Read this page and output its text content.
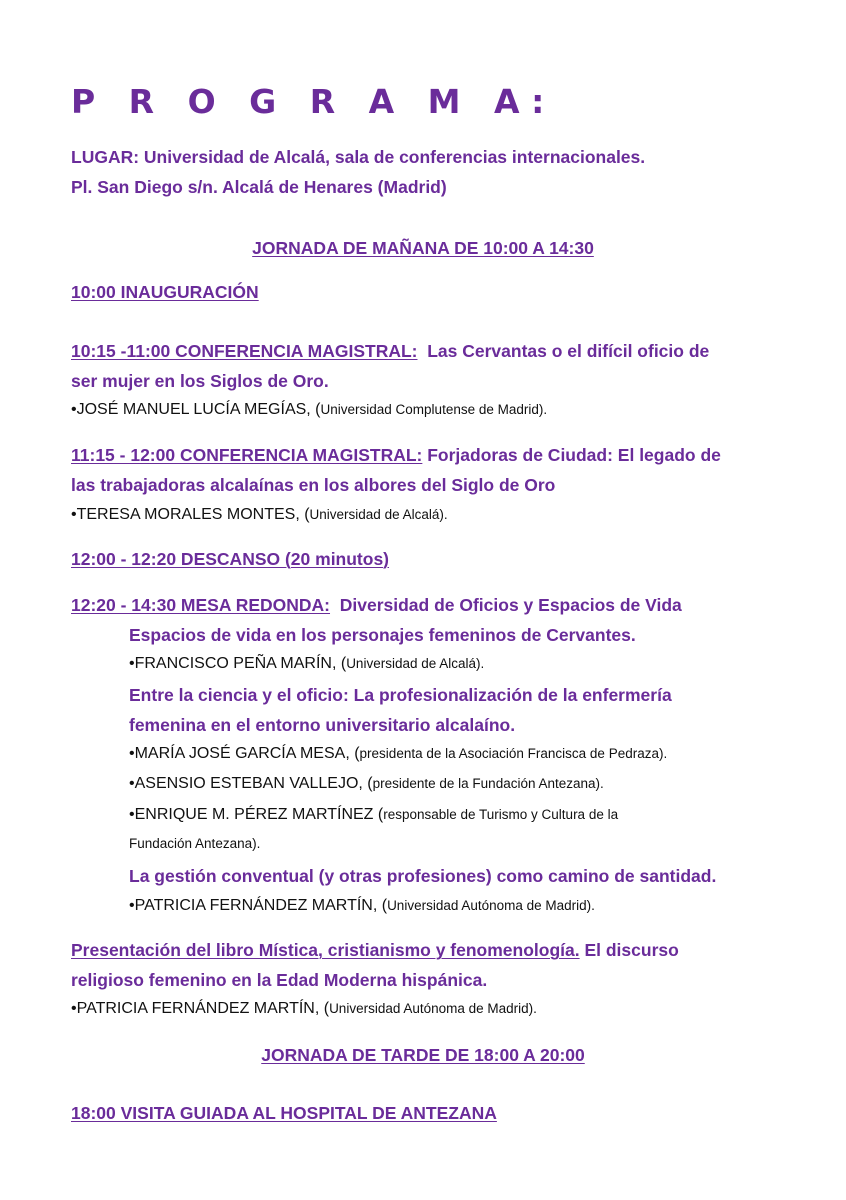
P R O G R A M A:
LUGAR: Universidad de Alcalá, sala de conferencias internacionales.
Pl. San Diego s/n. Alcalá de Henares (Madrid)
JORNADA DE MAÑANA DE 10:00 A 14:30
10:00 INAUGURACIÓN
10:15 -11:00 CONFERENCIA MAGISTRAL:  Las Cervantas o el difícil oficio de
ser mujer en los Siglos de Oro.
•JOSÉ MANUEL LUCÍA MEGÍAS, (Universidad Complutense de Madrid).
11:15 - 12:00 CONFERENCIA MAGISTRAL: Forjadoras de Ciudad: El legado de
las trabajadoras alcalaínas en los albores del Siglo de Oro
•TERESA MORALES MONTES, (Universidad de Alcalá).
12:00 - 12:20 DESCANSO (20 minutos)
12:20 - 14:30 MESA REDONDA:  Diversidad de Oficios y Espacios de Vida
Espacios de vida en los personajes femeninos de Cervantes.
•FRANCISCO PEÑA MARÍN, (Universidad de Alcalá).
Entre la ciencia y el oficio: La profesionalización de la enfermería
femenina en el entorno universitario alcalaíno.
•MARÍA JOSÉ GARCÍA MESA, (presidenta de la Asociación Francisca de Pedraza).
•ASENSIO ESTEBAN VALLEJO, (presidente de la Fundación Antezana).
•ENRIQUE M. PÉREZ MARTÍNEZ (responsable de Turismo y Cultura de la
Fundación Antezana).
La gestión conventual (y otras profesiones) como camino de santidad.
•PATRICIA FERNÁNDEZ MARTÍN, (Universidad Autónoma de Madrid).
Presentación del libro Mística, cristianismo y fenomenología. El discurso
religioso femenino en la Edad Moderna hispánica.
•PATRICIA FERNÁNDEZ MARTÍN, (Universidad Autónoma de Madrid).
JORNADA DE TARDE DE 18:00 A 20:00
18:00 VISITA GUIADA AL HOSPITAL DE ANTEZANA
